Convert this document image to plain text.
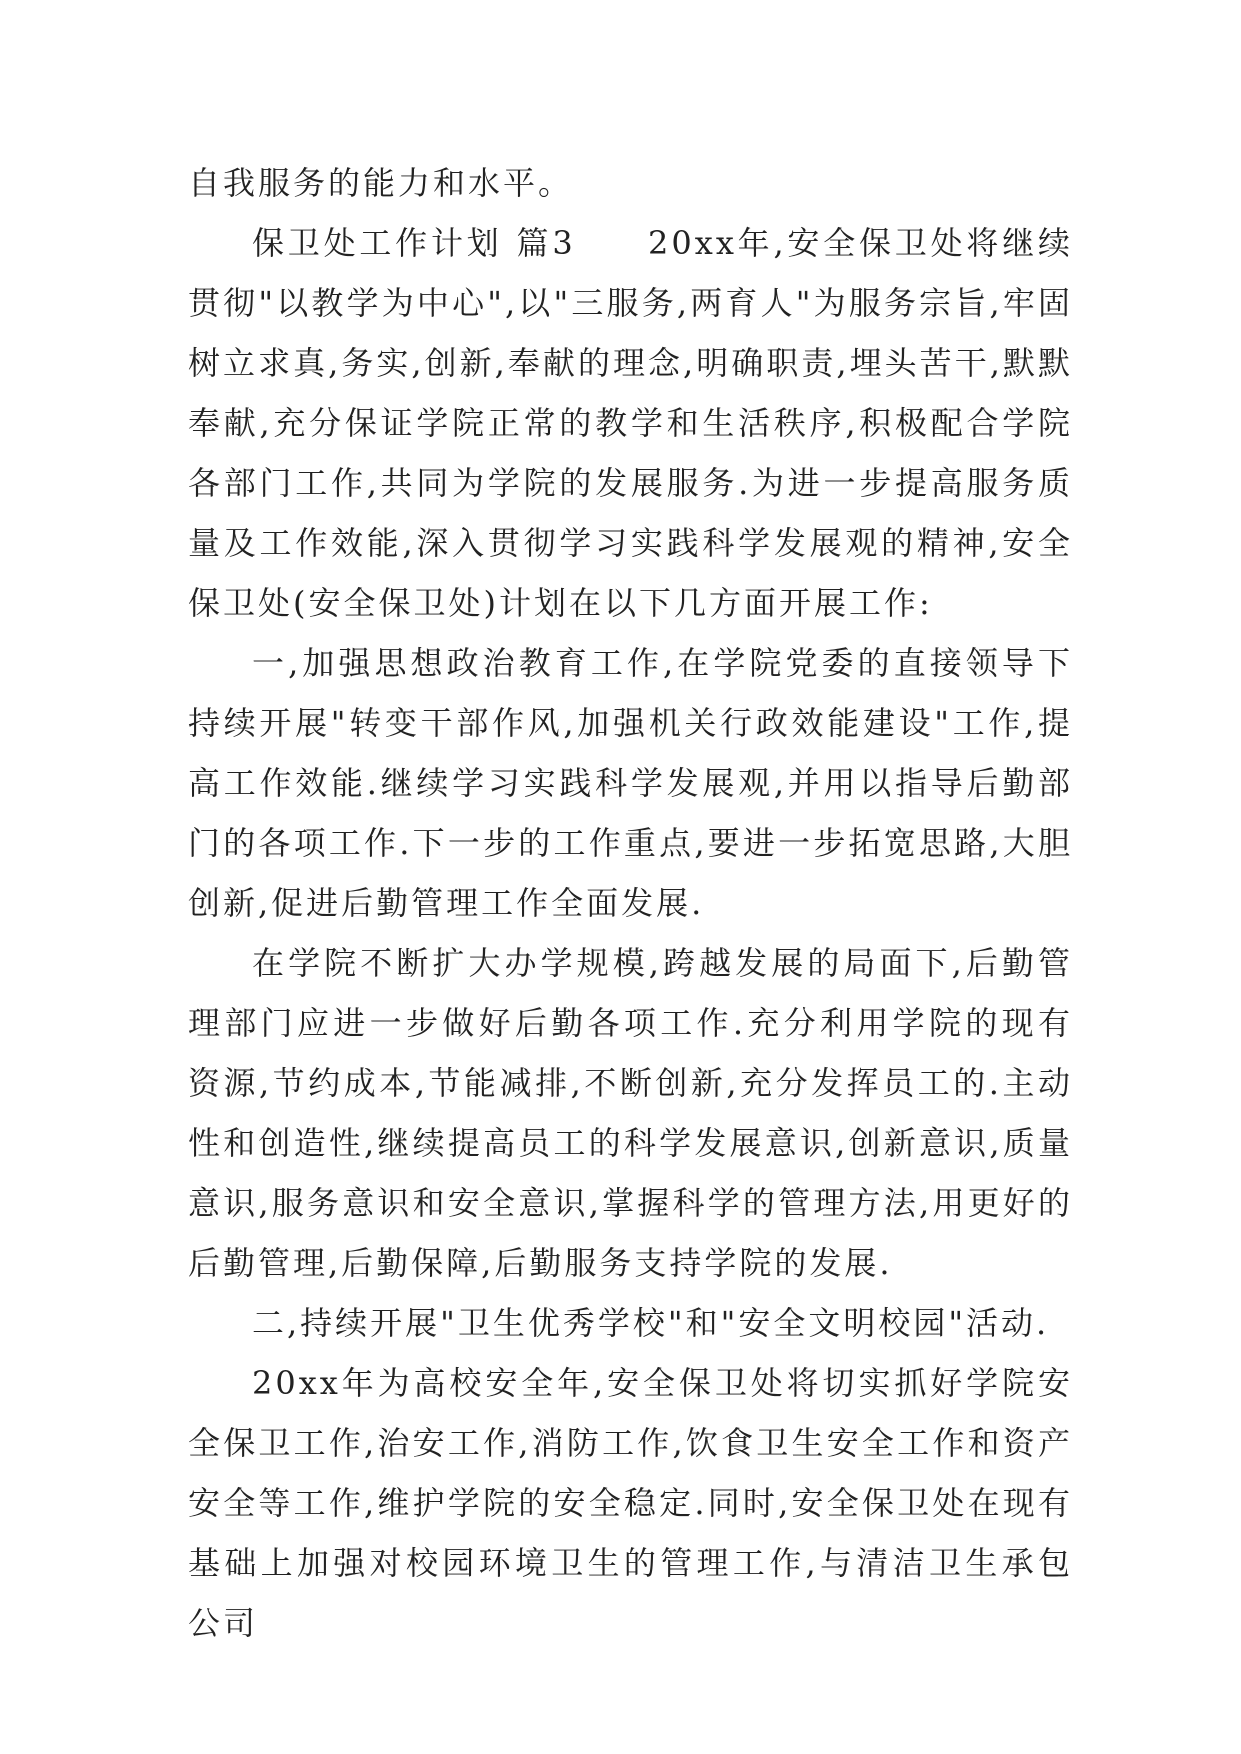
自我服务的能力和水平。

保卫处工作计划 篇3　　20xx年,安全保卫处将继续贯彻"以教学为中心",以"三服务,两育人"为服务宗旨,牢固树立求真,务实,创新,奉献的理念,明确职责,埋头苦干,默默奉献,充分保证学院正常的教学和生活秩序,积极配合学院各部门工作,共同为学院的发展服务.为进一步提高服务质量及工作效能,深入贯彻学习实践科学发展观的精神,安全保卫处(安全保卫处)计划在以下几方面开展工作:

一,加强思想政治教育工作,在学院党委的直接领导下持续开展"转变干部作风,加强机关行政效能建设"工作,提高工作效能.继续学习实践科学发展观,并用以指导后勤部门的各项工作.下一步的工作重点,要进一步拓宽思路,大胆创新,促进后勤管理工作全面发展.

在学院不断扩大办学规模,跨越发展的局面下,后勤管理部门应进一步做好后勤各项工作.充分利用学院的现有资源,节约成本,节能减排,不断创新,充分发挥员工的.主动性和创造性,继续提高员工的科学发展意识,创新意识,质量意识,服务意识和安全意识,掌握科学的管理方法,用更好的后勤管理,后勤保障,后勤服务支持学院的发展.

二,持续开展"卫生优秀学校"和"安全文明校园"活动.

20xx年为高校安全年,安全保卫处将切实抓好学院安全保卫工作,治安工作,消防工作,饮食卫生安全工作和资产安全等工作,维护学院的安全稳定.同时,安全保卫处在现有基础上加强对校园环境卫生的管理工作,与清洁卫生承包公司
